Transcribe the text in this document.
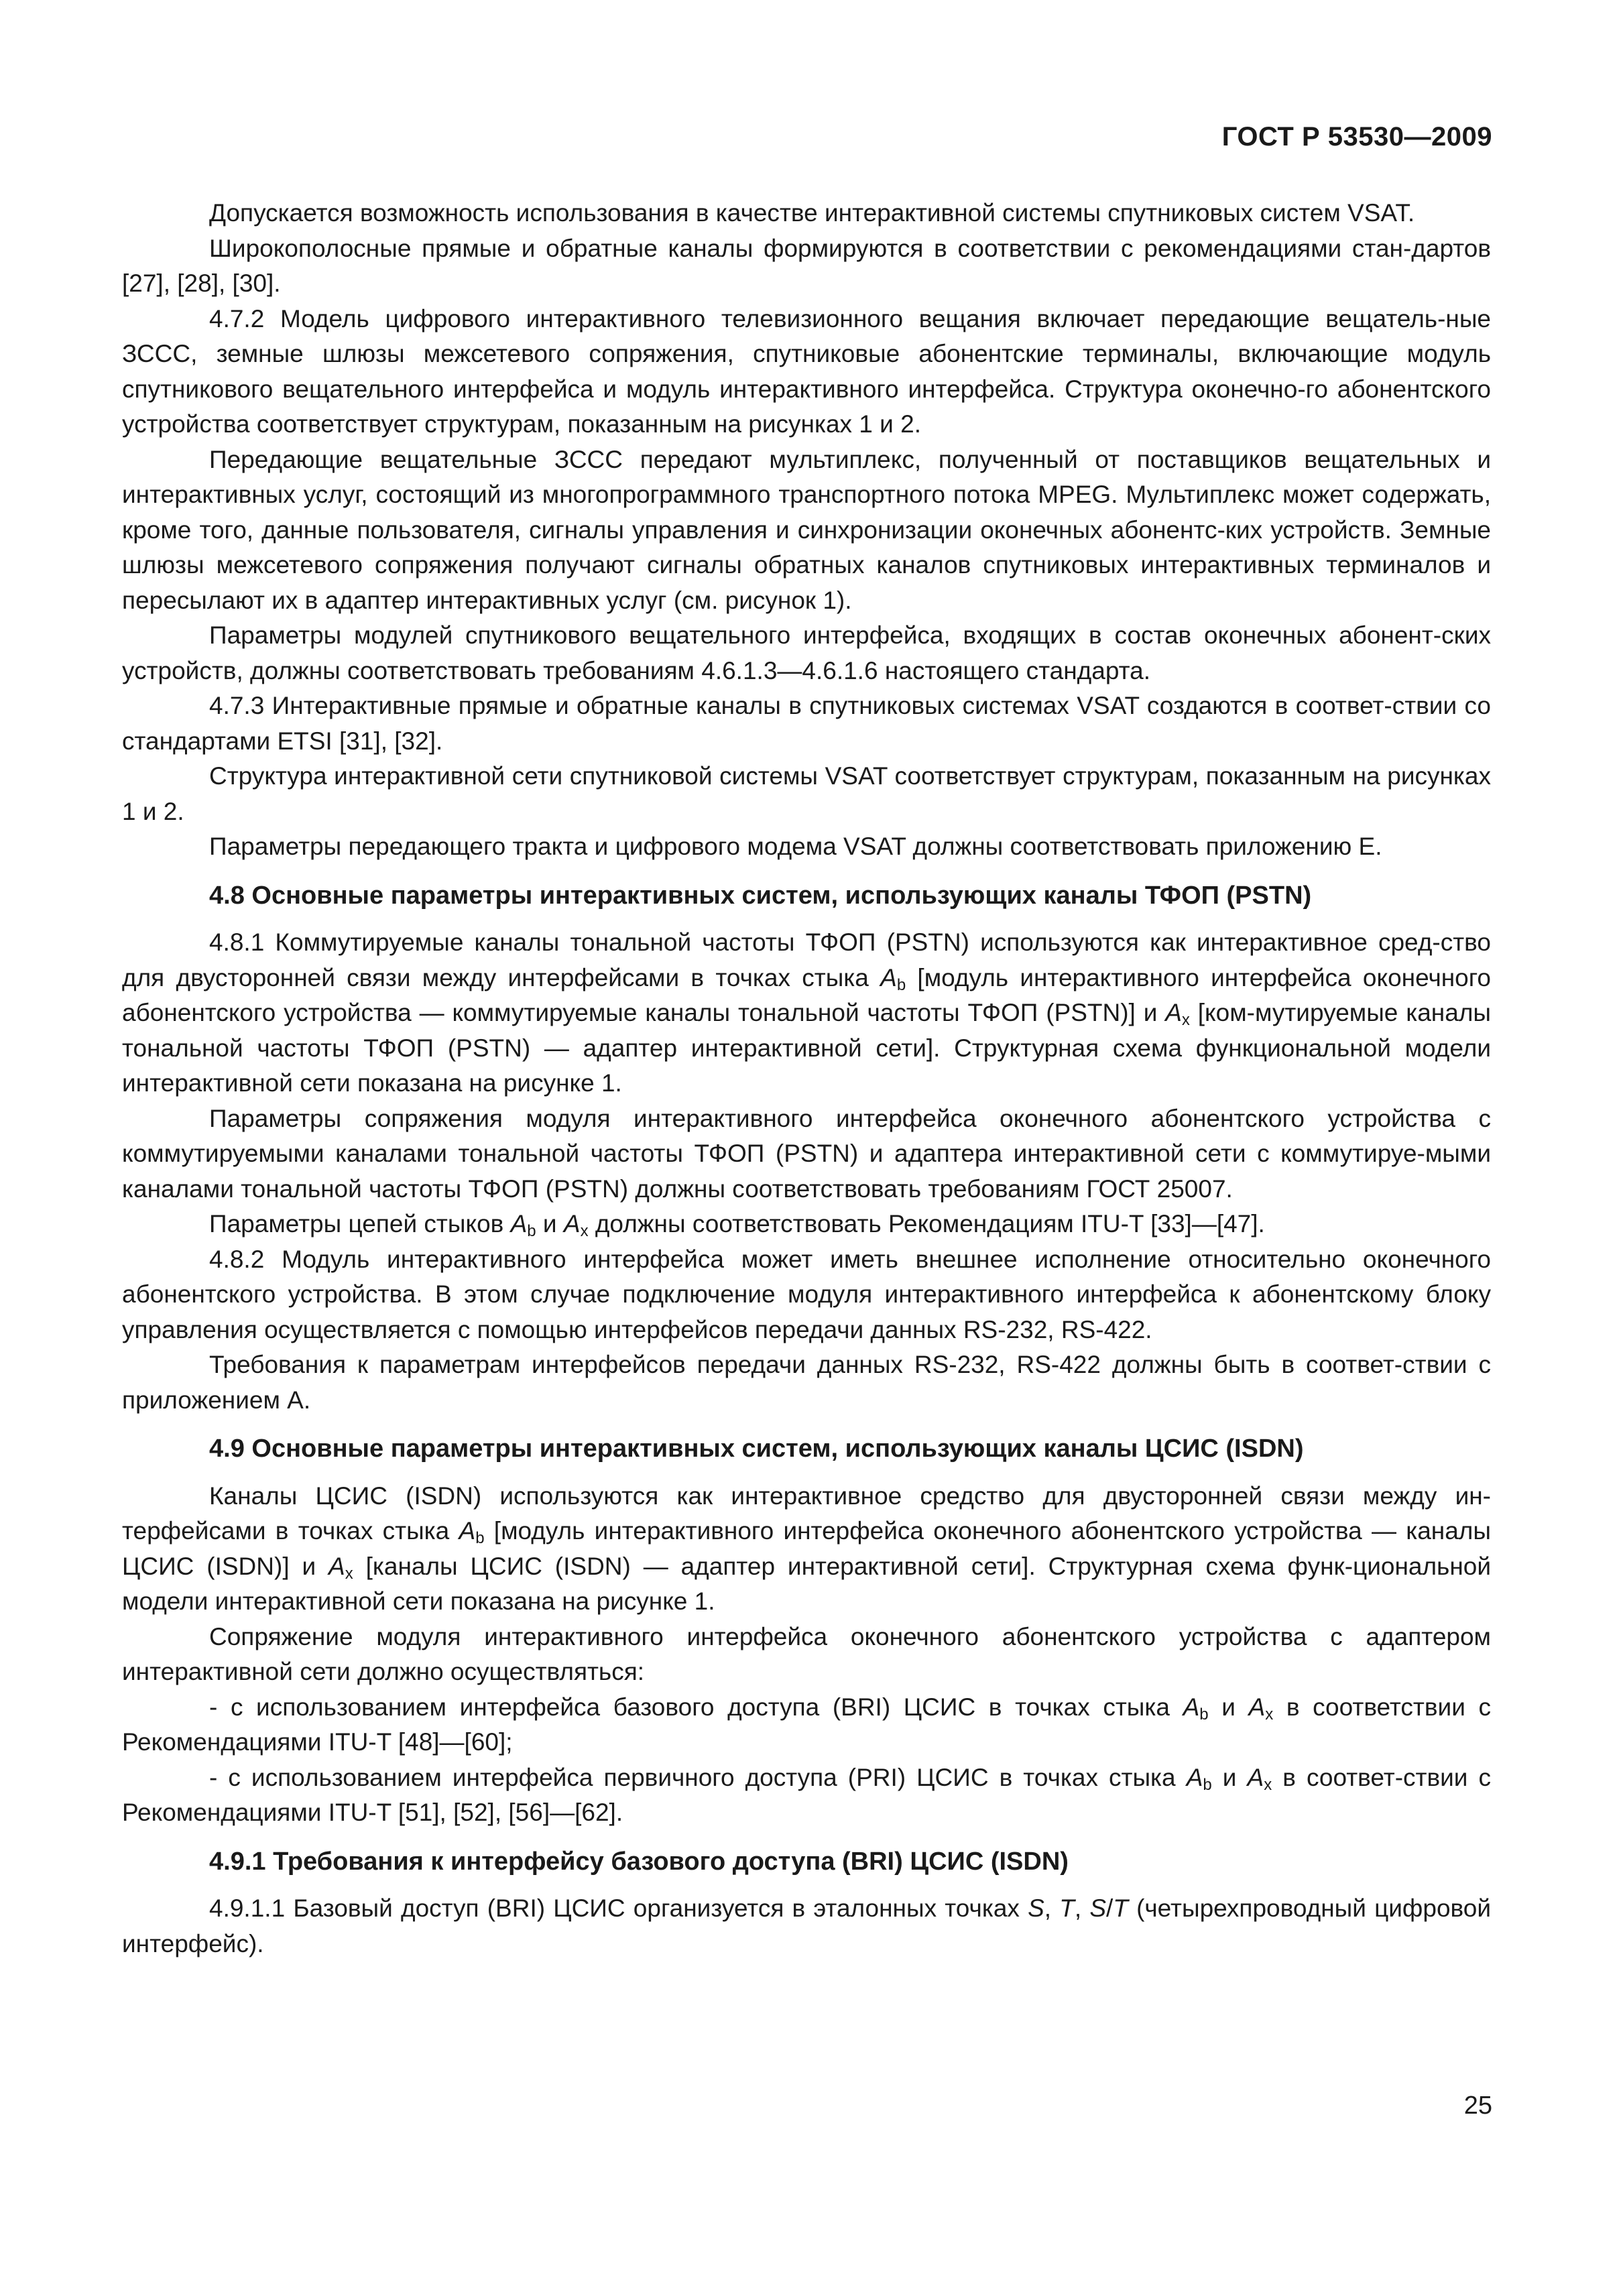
ГОСТ Р 53530—2009

Допускается возможность использования в качестве интерактивной системы спутниковых систем VSAT.

Широкополосные прямые и обратные каналы формируются в соответствии с рекомендациями стан-дартов [27], [28], [30].

4.7.2 Модель цифрового интерактивного телевизионного вещания включает передающие вещатель-ные ЗССС, земные шлюзы межсетевого сопряжения, спутниковые абонентские терминалы, включающие модуль спутникового вещательного интерфейса и модуль интерактивного интерфейса. Структура оконечно-го абонентского устройства соответствует структурам, показанным на рисунках 1 и 2.

Передающие вещательные ЗССС передают мультиплекс, полученный от поставщиков вещательных и интерактивных услуг, состоящий из многопрограммного транспортного потока MPEG. Мультиплекс может содержать, кроме того, данные пользователя, сигналы управления и синхронизации оконечных абонентс-ких устройств. Земные шлюзы межсетевого сопряжения получают сигналы обратных каналов спутниковых интерактивных терминалов и пересылают их в адаптер интерактивных услуг (см. рисунок 1).

Параметры модулей спутникового вещательного интерфейса, входящих в состав оконечных абонент-ских устройств, должны соответствовать требованиям 4.6.1.3—4.6.1.6 настоящего стандарта.

4.7.3 Интерактивные прямые и обратные каналы в спутниковых системах VSAT создаются в соответ-ствии со стандартами ETSI [31], [32].

Структура интерактивной сети спутниковой системы VSAT соответствует структурам, показанным на рисунках 1 и 2.

Параметры передающего тракта и цифрового модема VSAT должны соответствовать приложению Е.

4.8 Основные параметры интерактивных систем, использующих каналы ТФОП (PSTN)

4.8.1 Коммутируемые каналы тональной частоты ТФОП (PSTN) используются как интерактивное сред-ство для двусторонней связи между интерфейсами в точках стыка $A_b$ [модуль интерактивного интерфейса оконечного абонентского устройства — коммутируемые каналы тональной частоты ТФОП (PSTN)] и $A_x$ [ком-мутируемые каналы тональной частоты ТФОП (PSTN) — адаптер интерактивной сети]. Структурная схема функциональной модели интерактивной сети показана на рисунке 1.

Параметры сопряжения модуля интерактивного интерфейса оконечного абонентского устройства с коммутируемыми каналами тональной частоты ТФОП (PSTN) и адаптера интерактивной сети с коммутируе-мыми каналами тональной частоты ТФОП (PSTN) должны соответствовать требованиям ГОСТ 25007.

Параметры цепей стыков $A_b$ и $A_x$ должны соответствовать Рекомендациям ITU-T [33]—[47].

4.8.2 Модуль интерактивного интерфейса может иметь внешнее исполнение относительно оконечного абонентского устройства. В этом случае подключение модуля интерактивного интерфейса к абонентскому блоку управления осуществляется с помощью интерфейсов передачи данных RS-232, RS-422.

Требования к параметрам интерфейсов передачи данных RS-232, RS-422 должны быть в соответ-ствии с приложением А.

4.9 Основные параметры интерактивных систем, использующих каналы ЦСИС (ISDN)

Каналы ЦСИС (ISDN) используются как интерактивное средство для двусторонней связи между ин-терфейсами в точках стыка $A_b$ [модуль интерактивного интерфейса оконечного абонентского устройства — каналы ЦСИС (ISDN)] и $A_x$ [каналы ЦСИС (ISDN) — адаптер интерактивной сети]. Структурная схема функ-циональной модели интерактивной сети показана на рисунке 1.

Сопряжение модуля интерактивного интерфейса оконечного абонентского устройства с адаптером интерактивной сети должно осуществляться:

- с использованием интерфейса базового доступа (BRI) ЦСИС в точках стыка $A_b$ и $A_x$ в соответствии с Рекомендациями ITU-T [48]—[60];

- с использованием интерфейса первичного доступа (PRI) ЦСИС в точках стыка $A_b$ и $A_x$ в соответ-ствии с Рекомендациями ITU-T [51], [52], [56]—[62].

4.9.1 Требования к интерфейсу базового доступа (BRI) ЦСИС (ISDN)

4.9.1.1 Базовый доступ (BRI) ЦСИС организуется в эталонных точках S, T, S/T (четырехпроводный цифровой интерфейс).

25
